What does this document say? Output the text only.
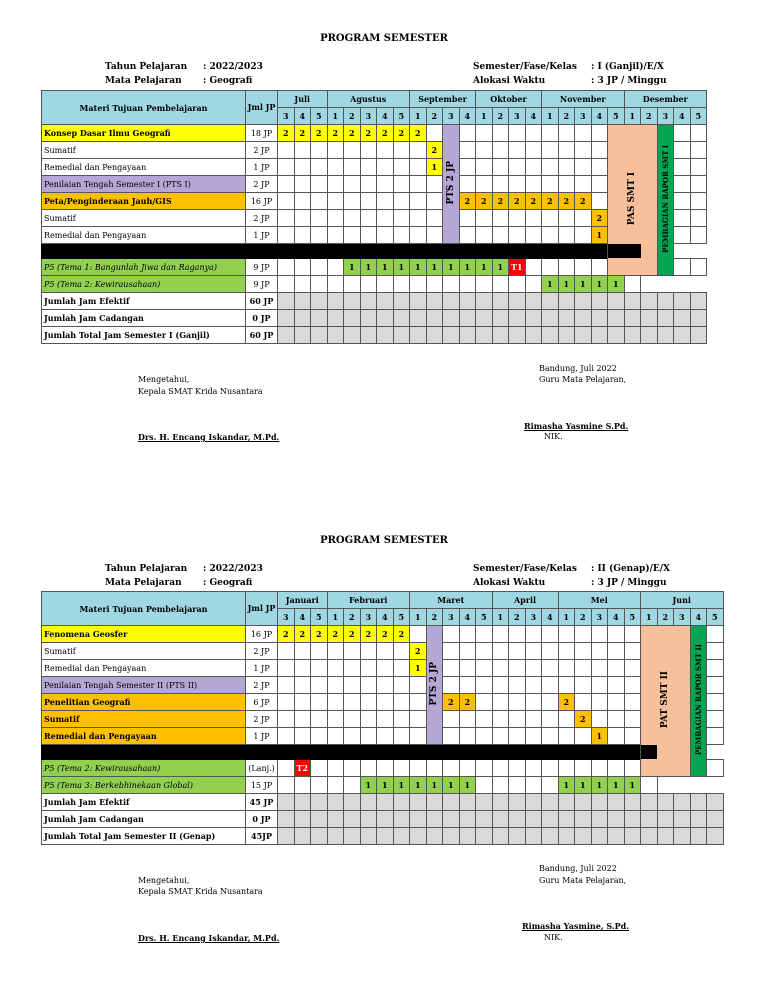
PROGRAM SEMESTER
Tahun Pelajaran : 2022/2023
Mata Pelajaran : Geografi
Semester/Fase/Kelas : I (Ganjil)/E/X
Alokasi Waktu	: 3 JP / Minggu
Materi Tujuan Pembelajaran	Jml JP	Juli			Agustus					September				Oktober				November					Desember				
		3	4	5	1	2	3	4	5	1	2	3	4	1	2	3	4	1	2	3	4	5	1	2	3	4	5
Konsep Dasar Ilmu Geografi	18 JP	2	2	2	2	2	2	2	2	2		PTS 2 JP										PAS SMT I			PEMBAGIAN RAPOR SMT I		
Sumatif	2 JP										2																
Remedial dan Pengayaan	1 JP										1																
Penilaian Tengah Semester I (PTS I)	2 JP																										
Peta/Penginderaan Jauh/GIS	16 JP												2	2	2	2	2	2	2	2							
Sumatif	2 JP																				2						
Remedial dan Pengayaan	1 JP																				1						

P5 (Tema 1: Bangunlah Jiwa dan Raganya)	9 JP					1	1	1	1	1	1	1	1	1	1	T1											
P5 (Tema 2: Kewirausahaan)	9 JP																	1	1	1	1	1					
Jumlah Jam Efektif	60 JP																										
Jumlah Jam Cadangan	0 JP																										
Jumlah Total Jam Semester I (Ganjil)	60 JP																										
Bandung, Juli 2022
Guru Mata Pelajaran,
Mengetahui,
Kepala SMAT Krida Nusantara
Rimasha Yasmine S.Pd.
NIK.
Drs. H. Encang Iskandar, M.Pd.
PROGRAM SEMESTER
Tahun Pelajaran : 2022/2023
Mata Pelajaran : Geografi
Semester/Fase/Kelas : II (Genap)/E/X
Alokasi Waktu	: 3 JP / Minggu
Materi Tujuan Pembelajaran	Jml JP	Januari			Februari					Maret					April				Mei					Juni				
		3	4	5	1	2	3	4	5	1	2	3	4	5	1	2	3	4	1	2	3	4	5	1	2	3	4	5
Fenomena Geosfer	16 JP	2	2	2	2	2	2	2	2		PTS 2 JP													PAT SMT II			PEMBAGIAN RAPOR SMT II	
Sumatif	2 JP									2																		
Remedial dan Pengayaan	1 JP									1																		
Penilaian Tengah Semester II (PTS II)	2 JP																											
Penelitian Geografi	6 JP											2	2						2									
Sumatif	2 JP																			2								
Remedial dan Pengayaan	1 JP																				1							

P5 (Tema 2: Kewirausahaan)	(Lanj.)		T2																									
P5 (Tema 3: Berkebhinekaan Global)	15 JP						1	1	1	1	1	1	1						1	1	1	1	1					
Jumlah Jam Efektif	45 JP																											
Jumlah Jam Cadangan	0 JP																											
Jumlah Total Jam Semester II (Genap)	45JP																											
Bandung, Juli 2022
Guru Mata Pelajaran,
Mengetahui,
Kepala SMAT Krida Nusantara
Rimasha Yasmine, S.Pd.
NIK.
Drs. H. Encang Iskandar, M.Pd.
